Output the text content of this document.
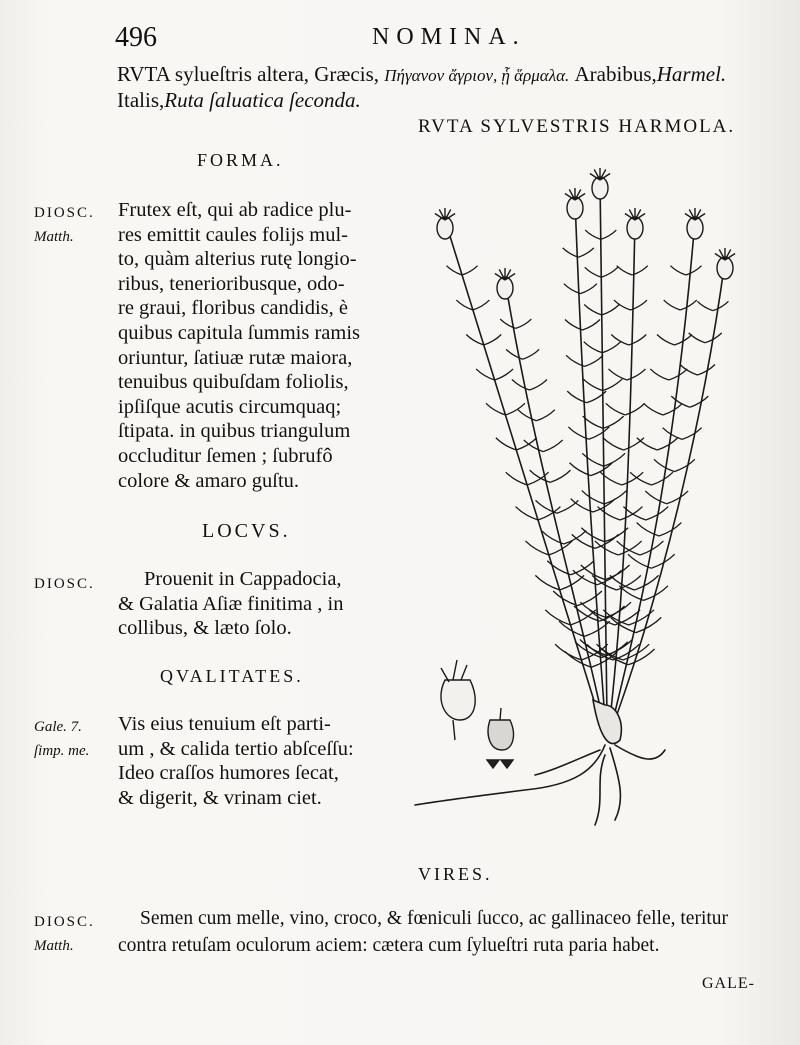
496	NOMINA.
RVTA sylueſtris altera, Græcis, Πήγανον ἄγριον, ᾗ ἅρμαλα. Arabibus,Harmel.
Italis,Ruta ſaluatica ſeconda.
RVTA SYLVESTRIS HARMOLA.
FORMA.
DIOSC.
Matth.
Frutex eſt, qui ab radice plu-
res emittit caules folijs mul-
to, quàm alterius rutę longio-
ribus, tenerioribusque, odo-
re graui, floribus candidis, è
quibus capitula ſummis ramis
oriuntur, ſatiuæ rutæ maiora,
tenuibus quibuſdam foliolis,
ipſiſque acutis circumquaq;
ſtipata. in quibus triangulum
occluditur ſemen ; ſubrufô
colore & amaro guſtu.
LOCVS.
DIOSC.	Prouenit in Cappadocia,
& Galatia Aſiæ finitima , in
collibus, & læto ſolo.
QVALITATES.
Gale. 7.
ſimp. me.
Vis eius tenuium eſt parti-
um , & calida tertio abſceſſu:
Ideo craſſos humores ſecat,
& digerit, & vrinam ciet.
VIRES.
DIOSC.
Matth.
Semen cum melle, vino, croco, & fœniculi ſucco, ac gallinaceo felle, teritur
contra retuſam oculorum aciem: cætera cum ſylueſtri ruta paria habet.
GALE-
